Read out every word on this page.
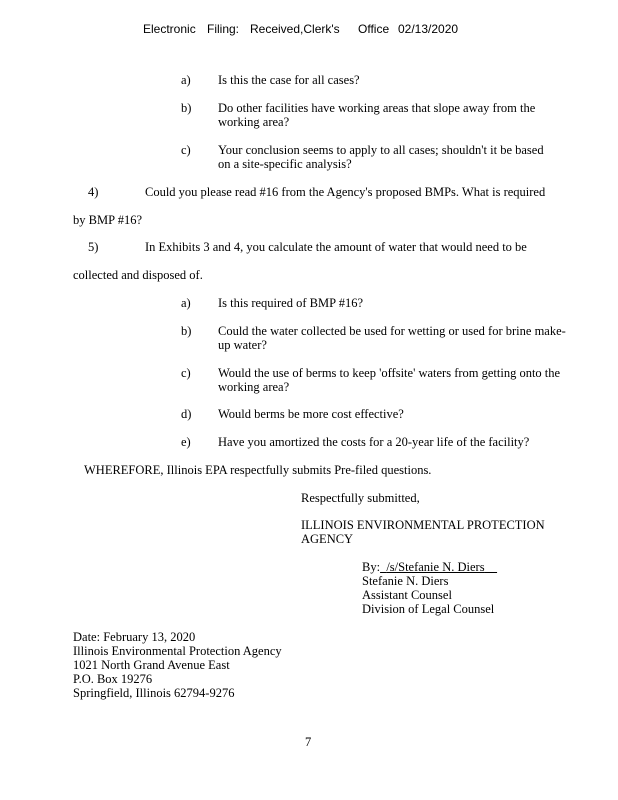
Electronic Filing: Received,Clerk's Office 02/13/2020
a) Is this the case for all cases?
b) Do other facilities have working areas that slope away from the working area?
c) Your conclusion seems to apply to all cases; shouldn't it be based on a site-specific analysis?
4)	Could you please read #16 from the Agency's proposed BMPs. What is required
by BMP #16?
5)	In Exhibits 3 and 4, you calculate the amount of water that would need to be
collected and disposed of.
a) Is this required of BMP #16?
b) Could the water collected be used for wetting or used for brine make-up water?
c) Would the use of berms to keep 'offsite' waters from getting onto the working area?
d) Would berms be more cost effective?
e) Have you amortized the costs for a 20-year life of the facility?
WHEREFORE, Illinois EPA respectfully submits Pre-filed questions.
Respectfully submitted,
ILLINOIS ENVIRONMENTAL PROTECTION
AGENCY
By: /s/Stefanie N. Diers
Stefanie N. Diers
Assistant Counsel
Division of Legal Counsel
Date: February 13, 2020
Illinois Environmental Protection Agency
1021 North Grand Avenue East
P.O. Box 19276
Springfield, Illinois 62794-9276
7
